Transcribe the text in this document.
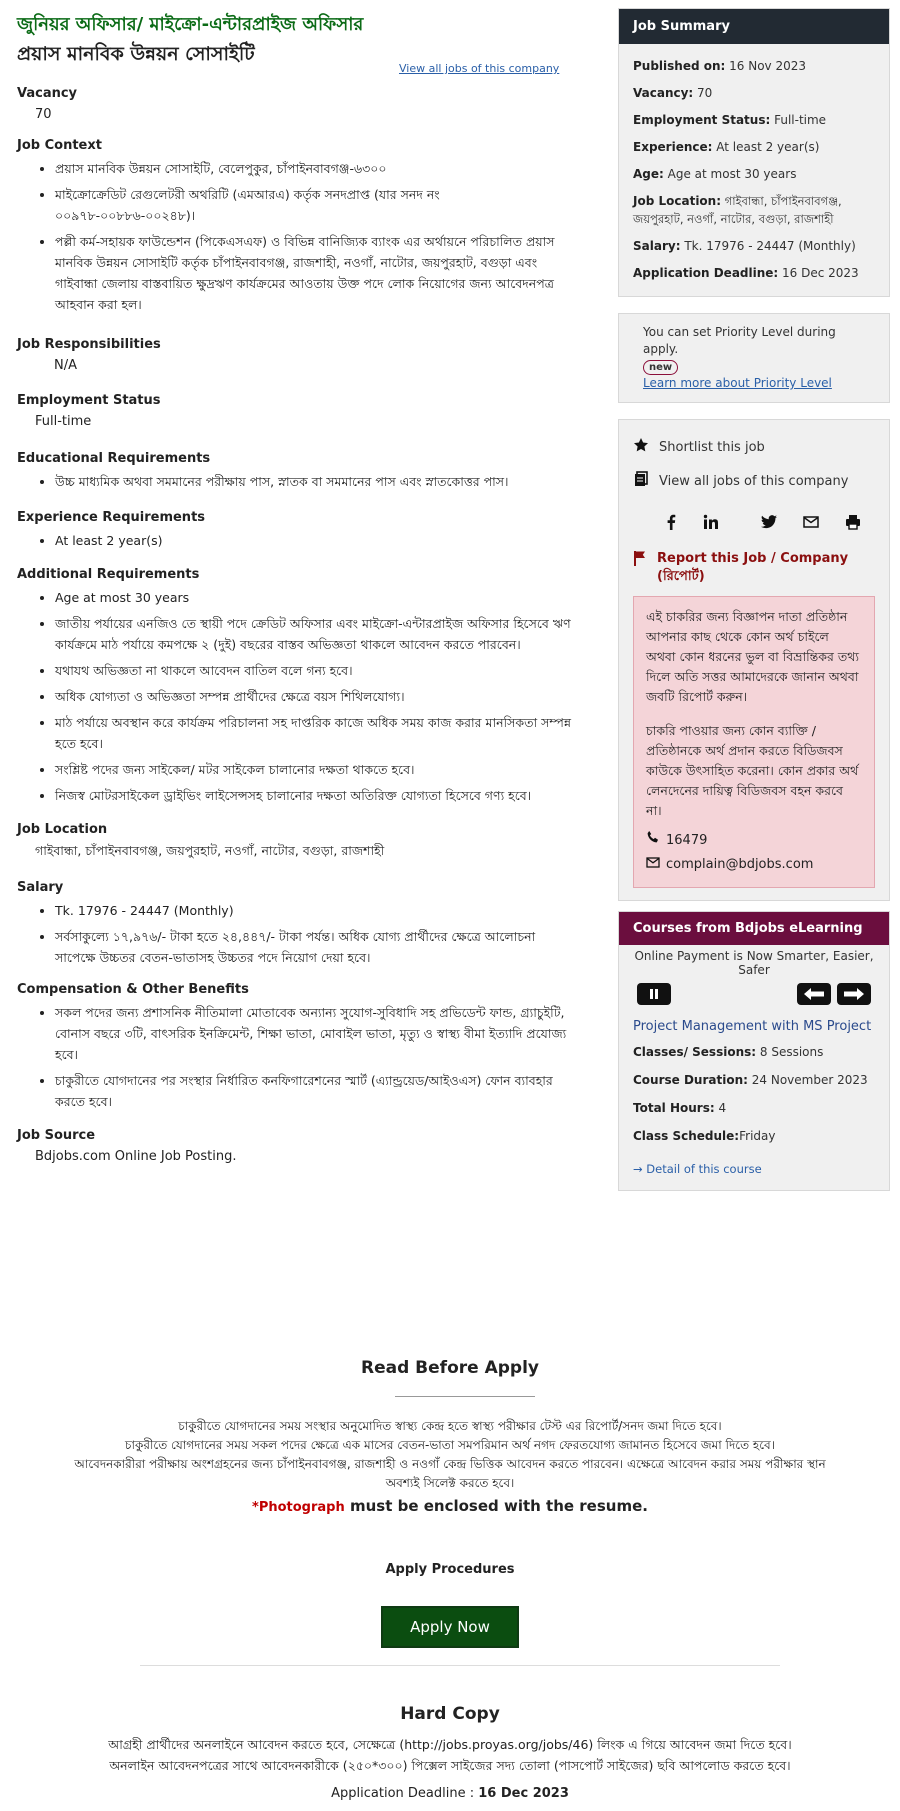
জুনিয়র অফিসার/ মাইক্রো-এন্টারপ্রাইজ অফিসার
প্রয়াস মানবিক উন্নয়ন সোসাইটি
Vacancy
70
Job Context
• প্রয়াস মানবিক উন্নয়ন সোসাইটি, বেলেপুকুর, চাঁপাইনবাবগঞ্জ-৬৩০০
• মাইক্রোক্রেডিট রেগুলেটরী অথরিটি (এমআরএ) কর্তৃক সনদপ্রাপ্ত (যার সনদ নং ০০৯৭৮-০০৮৮৬-০০২৪৮)।
• পল্লী কর্ম-সহায়ক ফাউন্ডেশন (পিকেএসএফ) ও বিভিন্ন বানিজ্যিক ব্যাংক এর অর্থায়নে পরিচালিত প্রয়াস মানবিক উন্নয়ন সোসাইটি কর্তৃক চাঁপাইনবাবগঞ্জ, রাজশাহী, নওগাঁ, নাটোর, জয়পুরহাট, বগুড়া এবং গাইবান্ধা জেলায় বাস্তবায়িত ক্ষুদ্রঋণ কার্যক্রমের আওতায় উক্ত পদে লোক নিয়োগের জন্য আবেদনপত্র আহবান করা হল।
Job Responsibilities
N/A
Employment Status
Full-time
Educational Requirements
• উচ্চ মাধ্যমিক অথবা সমমানের পরীক্ষায় পাস, স্নাতক বা সমমানের পাস এবং স্নাতকোত্তর পাস।
Experience Requirements
• At least 2 year(s)
Additional Requirements
• Age at most 30 years
• জাতীয় পর্যায়ের এনজিও তে স্থায়ী পদে ক্রেডিট অফিসার এবং মাইক্রো-এন্টারপ্রাইজ অফিসার হিসেবে ঋণ কার্যক্রমে মাঠ পর্যায়ে কমপক্ষে ২ (দুই) বছরের বাস্তব অভিজ্ঞতা থাকলে আবেদন করতে পারবেন।
• যথাযথ অভিজ্ঞতা না থাকলে আবেদন বাতিল বলে গন্য হবে।
• অধিক যোগ্যতা ও অভিজ্ঞতা সম্পন্ন প্রার্থীদের ক্ষেত্রে বয়স শিথিলযোগ্য।
• মাঠ পর্যায়ে অবস্থান করে কার্যক্রম পরিচালনা সহ দাপ্তরিক কাজে অধিক সময় কাজ করার মানসিকতা সম্পন্ন হতে হবে।
• সংশ্লিষ্ট পদের জন্য সাইকেল/ মটর সাইকেল চালানোর দক্ষতা থাকতে হবে।
• নিজস্ব মোটরসাইকেল ড্রাইভিং লাইসেন্সসহ চালানোর দক্ষতা অতিরিক্ত যোগ্যতা হিসেবে গণ্য হবে।
Job Location
গাইবান্ধা, চাঁপাইনবাবগঞ্জ, জয়পুরহাট, নওগাঁ, নাটোর, বগুড়া, রাজশাহী
Salary
• Tk. 17976 - 24447 (Monthly)
• সর্বসাকুল্যে ১৭,৯৭৬/- টাকা হতে ২৪,৪৪৭/- টাকা পর্যন্ত। অধিক যোগ্য প্রার্থীদের ক্ষেত্রে আলোচনা সাপেক্ষে উচ্চতর বেতন-ভাতাসহ উচ্চতর পদে নিয়োগ দেয়া হবে।
Compensation & Other Benefits
• সকল পদের জন্য প্রশাসনিক নীতিমালা মোতাবেক অন্যান্য সুযোগ-সুবিধাদি সহ প্রভিডেন্ট ফান্ড, গ্র্যাচুইটি, বোনাস বছরে ৩টি, বাৎসরিক ইনক্রিমেন্ট, শিক্ষা ভাতা, মোবাইল ভাতা, মৃত্যু ও স্বাস্থ্য বীমা ইত্যাদি প্রযোজ্য হবে।
• চাকুরীতে যোগদানের পর সংস্থার নির্ধারিত কনফিগারেশনের স্মার্ট (এ্যান্ড্রয়েড/আইওএস) ফোন ব্যাবহার করতে হবে।
Job Source
Bdjobs.com Online Job Posting.
View all jobs of this company
Job Summary
Published on: 16 Nov 2023
Vacancy: 70
Employment Status: Full-time
Experience: At least 2 year(s)
Age: Age at most 30 years
Job Location: গাইবান্ধা, চাঁপাইনবাবগঞ্জ, জয়পুরহাট, নওগাঁ, নাটোর, বগুড়া, রাজশাহী
Salary: Tk. 17976 - 24447 (Monthly)
Application Deadline: 16 Dec 2023
You can set Priority Level during apply.
new
Learn more about Priority Level
Shortlist this job
View all jobs of this company
Report this Job / Company (রিপোর্ট)

এই চাকরির জন্য বিজ্ঞাপন দাতা প্রতিষ্ঠান আপনার কাছ থেকে কোন অর্থ চাইলে অথবা কোন ধরনের ভুল বা বিভ্রান্তিকর তথ্য দিলে অতি সত্তর আমাদেরকে জানান অথবা জবটি রিপোর্ট করুন।

চাকরি পাওয়ার জন্য কোন ব্যাক্তি / প্রতিষ্ঠানকে অর্থ প্রদান করতে বিডিজবস কাউকে উৎসাহিত করেনা। কোন প্রকার অর্থ লেনদেনের দায়িত্ব বিডিজবস বহন করবে না।

16479
complain@bdjobs.com
Courses from Bdjobs eLearning
Online Payment is Now Smarter, Easier, Safer
Project Management with MS Project
Classes/ Sessions: 8 Sessions
Course Duration: 24 November 2023
Total Hours: 4
Class Schedule:Friday
→ Detail of this course
Read Before Apply
চাকুরীতে যোগদানের সময় সংস্থার অনুমোদিত স্বাস্থ্য কেন্দ্র হতে স্বাস্থ্য পরীক্ষার টেস্ট এর রিপোর্ট/সনদ জমা দিতে হবে।
চাকুরীতে যোগদানের সময় সকল পদের ক্ষেত্রে এক মাসের বেতন-ভাতা সমপরিমান অর্থ নগদ ফেরতযোগ্য জামানত হিসেবে জমা দিতে হবে।
আবেদনকারীরা পরীক্ষায় অংশগ্রহনের জন্য চাঁপাইনবাবগঞ্জ, রাজশাহী ও নওগাঁ কেন্দ্র ভিত্তিক আবেদন করতে পারবেন। এক্ষেত্রে আবেদন করার সময় পরীক্ষার স্থান অবশ্যই সিলেক্ট করতে হবে।
*Photograph must be enclosed with the resume.
Apply Procedures
Apply Now
Hard Copy
আগ্রহী প্রার্থীদের অনলাইনে আবেদন করতে হবে, সেক্ষেত্রে (http://jobs.proyas.org/jobs/46) লিংক এ গিয়ে আবেদন জমা দিতে হবে।
অনলাইন আবেদনপত্রের সাথে আবেদনকারীকে (২৫০*৩০০) পিক্সেল সাইজের সদ্য তোলা (পাসপোর্ট সাইজের) ছবি আপলোড করতে হবে।
Application Deadline : 16 Dec 2023
